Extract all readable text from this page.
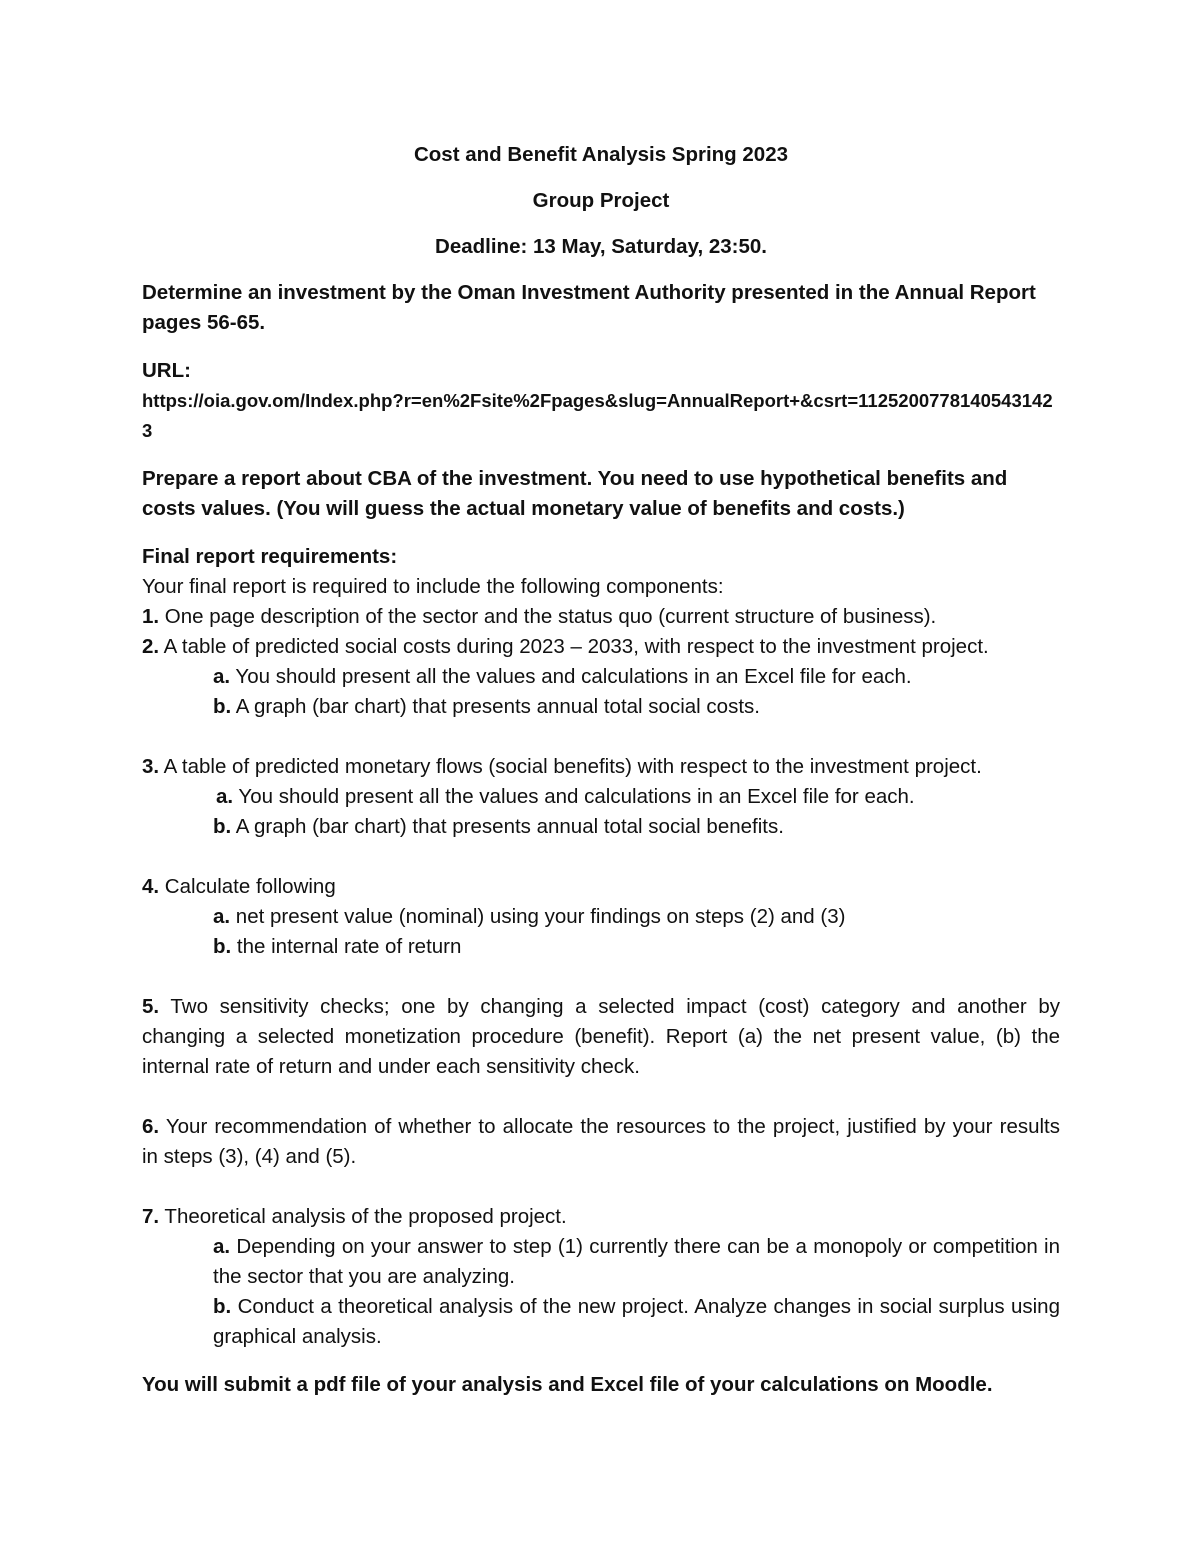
Cost and Benefit Analysis Spring 2023

Group Project

Deadline: 13 May, Saturday, 23:50.

Determine an investment by the Oman Investment Authority presented in the Annual Report pages 56-65.

URL:

https://oia.gov.om/Index.php?r=en%2Fsite%2Fpages&slug=AnnualReport+&csrt=11252007781405431423

Prepare a report about CBA of the investment. You need to use hypothetical benefits and costs values. (You will guess the actual monetary value of benefits and costs.)

Final report requirements:

Your final report is required to include the following components:

1. One page description of the sector and the status quo (current structure of business).

2. A table of predicted social costs during 2023 – 2033, with respect to the investment project.

a. You should present all the values and calculations in an Excel file for each.

b. A graph (bar chart) that presents annual total social costs.

3. A table of predicted monetary flows (social benefits) with respect to the investment project.

a. You should present all the values and calculations in an Excel file for each.

b. A graph (bar chart) that presents annual total social benefits.

4. Calculate following

a. net present value (nominal) using your findings on steps (2) and (3)

b. the internal rate of return

5. Two sensitivity checks; one by changing a selected impact (cost) category and another by changing a selected monetization procedure (benefit). Report (a) the net present value, (b) the internal rate of return and under each sensitivity check.

6. Your recommendation of whether to allocate the resources to the project, justified by your results in steps (3), (4) and (5).

7. Theoretical analysis of the proposed project.

a. Depending on your answer to step (1) currently there can be a monopoly or competition in the sector that you are analyzing.

b. Conduct a theoretical analysis of the new project. Analyze changes in social surplus using graphical analysis.

You will submit a pdf file of your analysis and Excel file of your calculations on Moodle.
